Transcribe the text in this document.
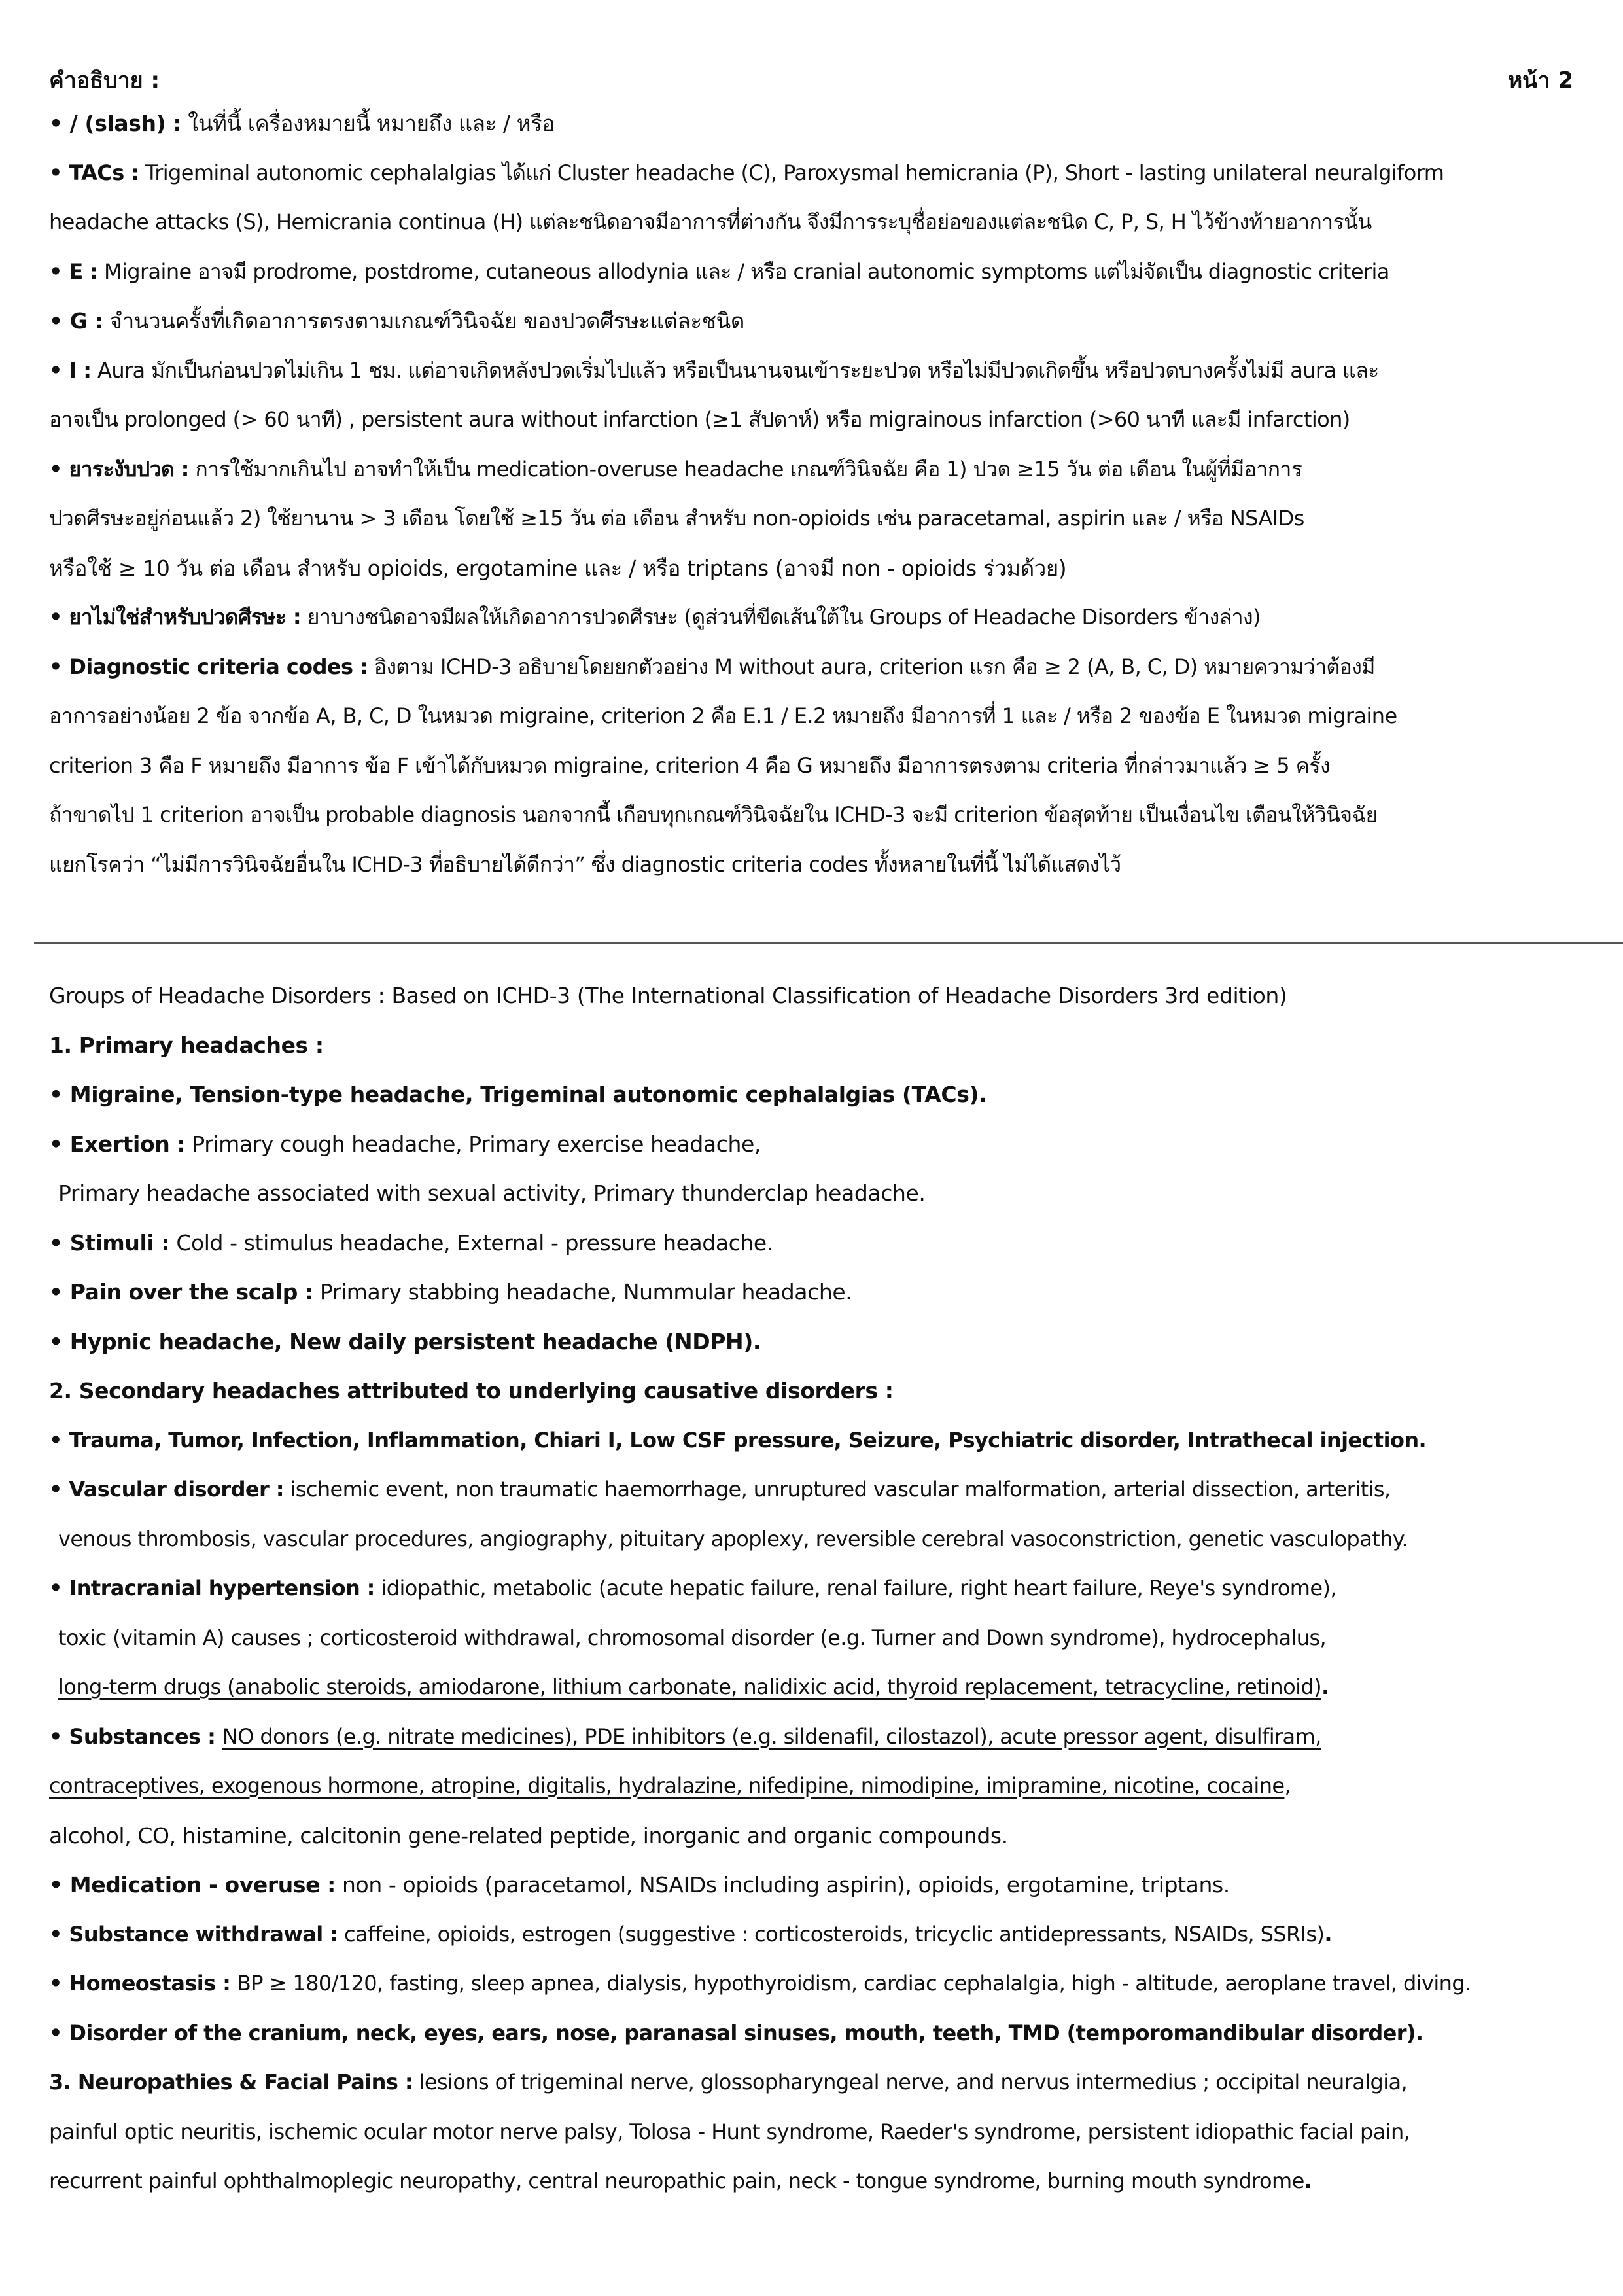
คำอธิบาย :	หน้า 2
• / (slash) : ในที่นี้ เครื่องหมายนี้ หมายถึง และ / หรือ
• TACs : Trigeminal autonomic cephalalgias ได้แก่ Cluster headache (C), Paroxysmal hemicrania (P), Short - lasting unilateral neuralgiform
headache attacks (S), Hemicrania continua (H) แต่ละชนิดอาจมีอาการที่ต่างกัน จึงมีการระบุชื่อย่อของแต่ละชนิด C, P, S, H ไว้ข้างท้ายอาการนั้น
• E : Migraine อาจมี prodrome, postdrome, cutaneous allodynia และ / หรือ cranial autonomic symptoms แต่ไม่จัดเป็น diagnostic criteria
• G : จำนวนครั้งที่เกิดอาการตรงตามเกณฑ์วินิจฉัย ของปวดศีรษะแต่ละชนิด
• I : Aura มักเป็นก่อนปวดไม่เกิน 1 ชม. แต่อาจเกิดหลังปวดเริ่มไปแล้ว หรือเป็นนานจนเข้าระยะปวด หรือไม่มีปวดเกิดขึ้น หรือปวดบางครั้งไม่มี aura และ
อาจเป็น prolonged (> 60 นาที) , persistent aura without infarction (≥1 สัปดาห์) หรือ migrainous infarction (>60 นาที และมี infarction)
• ยาระงับปวด : การใช้มากเกินไป อาจทำให้เป็น medication-overuse headache เกณฑ์วินิจฉัย คือ 1) ปวด ≥15 วัน ต่อ เดือน ในผู้ที่มีอาการ
ปวดศีรษะอยู่ก่อนแล้ว 2) ใช้ยานาน > 3 เดือน โดยใช้ ≥15 วัน ต่อ เดือน สำหรับ non-opioids เช่น paracetamal, aspirin และ / หรือ NSAIDs
หรือใช้ ≥ 10 วัน ต่อ เดือน สำหรับ opioids, ergotamine และ / หรือ triptans (อาจมี non - opioids ร่วมด้วย)
• ยาไม่ใช่สำหรับปวดศีรษะ : ยาบางชนิดอาจมีผลให้เกิดอาการปวดศีรษะ (ดูส่วนที่ขีดเส้นใต้ใน Groups of Headache Disorders ข้างล่าง)
• Diagnostic criteria codes : อิงตาม ICHD-3 อธิบายโดยยกตัวอย่าง M without aura, criterion แรก คือ ≥ 2 (A, B, C, D) หมายความว่าต้องมี
อาการอย่างน้อย 2 ข้อ จากข้อ A, B, C, D ในหมวด migraine, criterion 2 คือ E.1 / E.2 หมายถึง มีอาการที่ 1 และ / หรือ 2 ของข้อ E ในหมวด migraine
criterion 3 คือ F หมายถึง มีอาการ ข้อ F เข้าได้กับหมวด migraine, criterion 4 คือ G หมายถึง มีอาการตรงตาม criteria ที่กล่าวมาแล้ว ≥ 5 ครั้ง
ถ้าขาดไป 1 criterion อาจเป็น probable diagnosis นอกจากนี้ เกือบทุกเกณฑ์วินิจฉัยใน ICHD-3 จะมี criterion ข้อสุดท้าย เป็นเงื่อนไข เตือนให้วินิจฉัย
แยกโรคว่า “ไม่มีการวินิจฉัยอื่นใน ICHD-3 ที่อธิบายได้ดีกว่า” ซึ่ง diagnostic criteria codes ทั้งหลายในที่นี้ ไม่ได้แสดงไว้
Groups of Headache Disorders : Based on ICHD-3 (The International Classification of Headache Disorders 3rd edition)
1. Primary headaches :
• Migraine, Tension-type headache, Trigeminal autonomic cephalalgias (TACs).
• Exertion : Primary cough headache, Primary exercise headache,
Primary headache associated with sexual activity, Primary thunderclap headache.
• Stimuli : Cold - stimulus headache, External - pressure headache.
• Pain over the scalp : Primary stabbing headache, Nummular headache.
• Hypnic headache, New daily persistent headache (NDPH).
2. Secondary headaches attributed to underlying causative disorders :
• Trauma, Tumor, Infection, Inflammation, Chiari I, Low CSF pressure, Seizure, Psychiatric disorder, Intrathecal injection.
• Vascular disorder : ischemic event, non traumatic haemorrhage, unruptured vascular malformation, arterial dissection, arteritis,
venous thrombosis, vascular procedures, angiography, pituitary apoplexy, reversible cerebral vasoconstriction, genetic vasculopathy.
• Intracranial hypertension : idiopathic, metabolic (acute hepatic failure, renal failure, right heart failure, Reye's syndrome),
toxic (vitamin A) causes ; corticosteroid withdrawal, chromosomal disorder (e.g. Turner and Down syndrome), hydrocephalus,
long-term drugs (anabolic steroids, amiodarone, lithium carbonate, nalidixic acid, thyroid replacement, tetracycline, retinoid).
• Substances : NO donors (e.g. nitrate medicines), PDE inhibitors (e.g. sildenafil, cilostazol), acute pressor agent, disulfiram,
contraceptives, exogenous hormone, atropine, digitalis, hydralazine, nifedipine, nimodipine, imipramine, nicotine, cocaine,
alcohol, CO, histamine, calcitonin gene-related peptide, inorganic and organic compounds.
• Medication - overuse : non - opioids (paracetamol, NSAIDs including aspirin), opioids, ergotamine, triptans.
• Substance withdrawal : caffeine, opioids, estrogen (suggestive : corticosteroids, tricyclic antidepressants, NSAIDs, SSRIs).
• Homeostasis : BP ≥ 180/120, fasting, sleep apnea, dialysis, hypothyroidism, cardiac cephalalgia, high - altitude, aeroplane travel, diving.
• Disorder of the cranium, neck, eyes, ears, nose, paranasal sinuses, mouth, teeth, TMD (temporomandibular disorder).
3. Neuropathies & Facial Pains : lesions of trigeminal nerve, glossopharyngeal nerve, and nervus intermedius ; occipital neuralgia,
painful optic neuritis, ischemic ocular motor nerve palsy, Tolosa - Hunt syndrome, Raeder's syndrome, persistent idiopathic facial pain,
recurrent painful ophthalmoplegic neuropathy, central neuropathic pain, neck - tongue syndrome, burning mouth syndrome.
